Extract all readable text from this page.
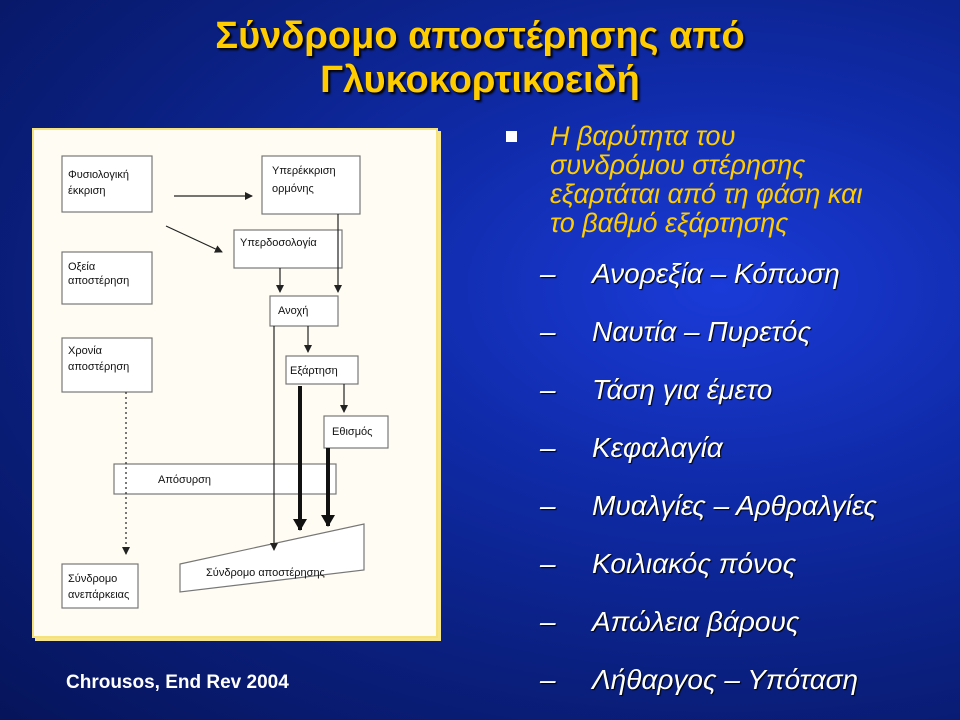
Σύνδρομο αποστέρησης από
Γλυκοκορτικοειδή
Φυσιολογική
έκκριση
Υπερέκκριση
ορμόνης
Υπερδοσολογία
Οξεία
αποστέρηση
Ανοχή
Χρονία
αποστέρηση	Εξάρτηση
Εθισμός
Απόσυρση
Σύνδρομο αποστέρησης
Σύνδρομο
ανεπάρκειας
Chrousos, End Rev 2004
Η βαρύτητα του
συνδρόμου στέρησης
εξαρτάται από τη φάση και
το βαθμό εξάρτησης
– Ανορεξία – Κόπωση
– Ναυτία – Πυρετός
– Τάση για έμετο
– Κεφαλαγία
– Μυαλγίες – Αρθραλγίες
– Κοιλιακός πόνος
– Απώλεια βάρους
– Λήθαργος – Υπόταση
